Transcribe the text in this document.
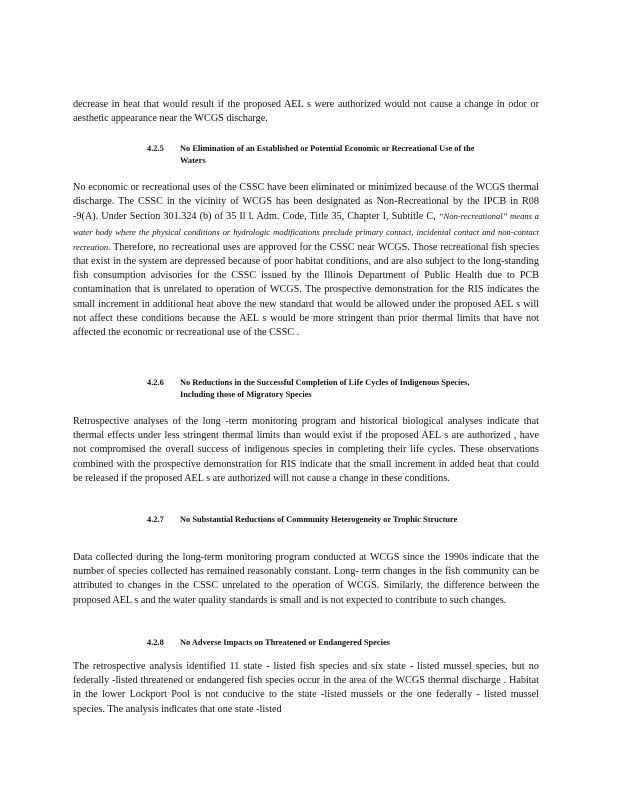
decrease in heat that would result if the proposed AEL s were authorized would not cause a change in odor or aesthetic appearance near the WCGS discharge.

4.2.5	No Elimination of an Established or Potential Economic or Recreational Use of the Waters

No economic or recreational uses of the CSSC have been eliminated or minimized because of the WCGS thermal discharge. The CSSC in the vicinity of WCGS has been designated as Non-Recreational by the IPCB in R08 -9(A). Under Section 301.324 (b) of 35 Il l. Adm. Code, Title 35, Chapter I, Subtitle C, “Non-recreational” means a water body where the physical conditions or hydrologic modifications preclude primary contact, incidental contact and non-contact recreation. Therefore, no recreational uses are approved for the CSSC near WCGS. Those recreational fish species that exist in the system are depressed because of poor habitat conditions, and are also subject to the long-standing fish consumption advisories for the CSSC issued by the Illinois Department of Public Health due to PCB contamination that is unrelated to operation of WCGS. The prospective demonstration for the RIS indicates the small increment in additional heat above the new standard that would be allowed under the proposed AEL s will not affect these conditions because the AEL s would be more stringent than prior thermal limits that have not affected the economic or recreational use of the CSSC .

4.2.6	No Reductions in the Successful Completion of Life Cycles of Indigenous Species, Including those of Migratory Species

Retrospective analyses of the long -term monitoring program and historical biological analyses indicate that thermal effects under less stringent thermal limits than would exist if the proposed AEL s are authorized , have not compromised the overall success of indigenous species in completing their life cycles. These observations combined with the prospective demonstration for RIS indicate that the small increment in added heat that could be released if the proposed AEL s are authorized will not cause a change in these conditions.

4.2.7	No Substantial Reductions of Community Heterogeneity or Trophic Structure

Data collected during the long-term monitoring program conducted at WCGS since the 1990s indicate that the number of species collected has remained reasonably constant. Long- term changes in the fish community can be attributed to changes in the CSSC unrelated to the operation of WCGS. Similarly, the difference between the proposed AEL s and the water quality standards is small and is not expected to contribute to such changes.

4.2.8	No Adverse Impacts on Threatened or Endangered Species

The retrospective analysis identified 11 state - listed fish species and six state - listed mussel species, but no federally -listed threatened or endangered fish species occur in the area of the WCGS thermal discharge . Habitat in the lower Lockport Pool is not conducive to the state -listed mussels or the one federally - listed mussel species. The analysis indicates that one state -listed
